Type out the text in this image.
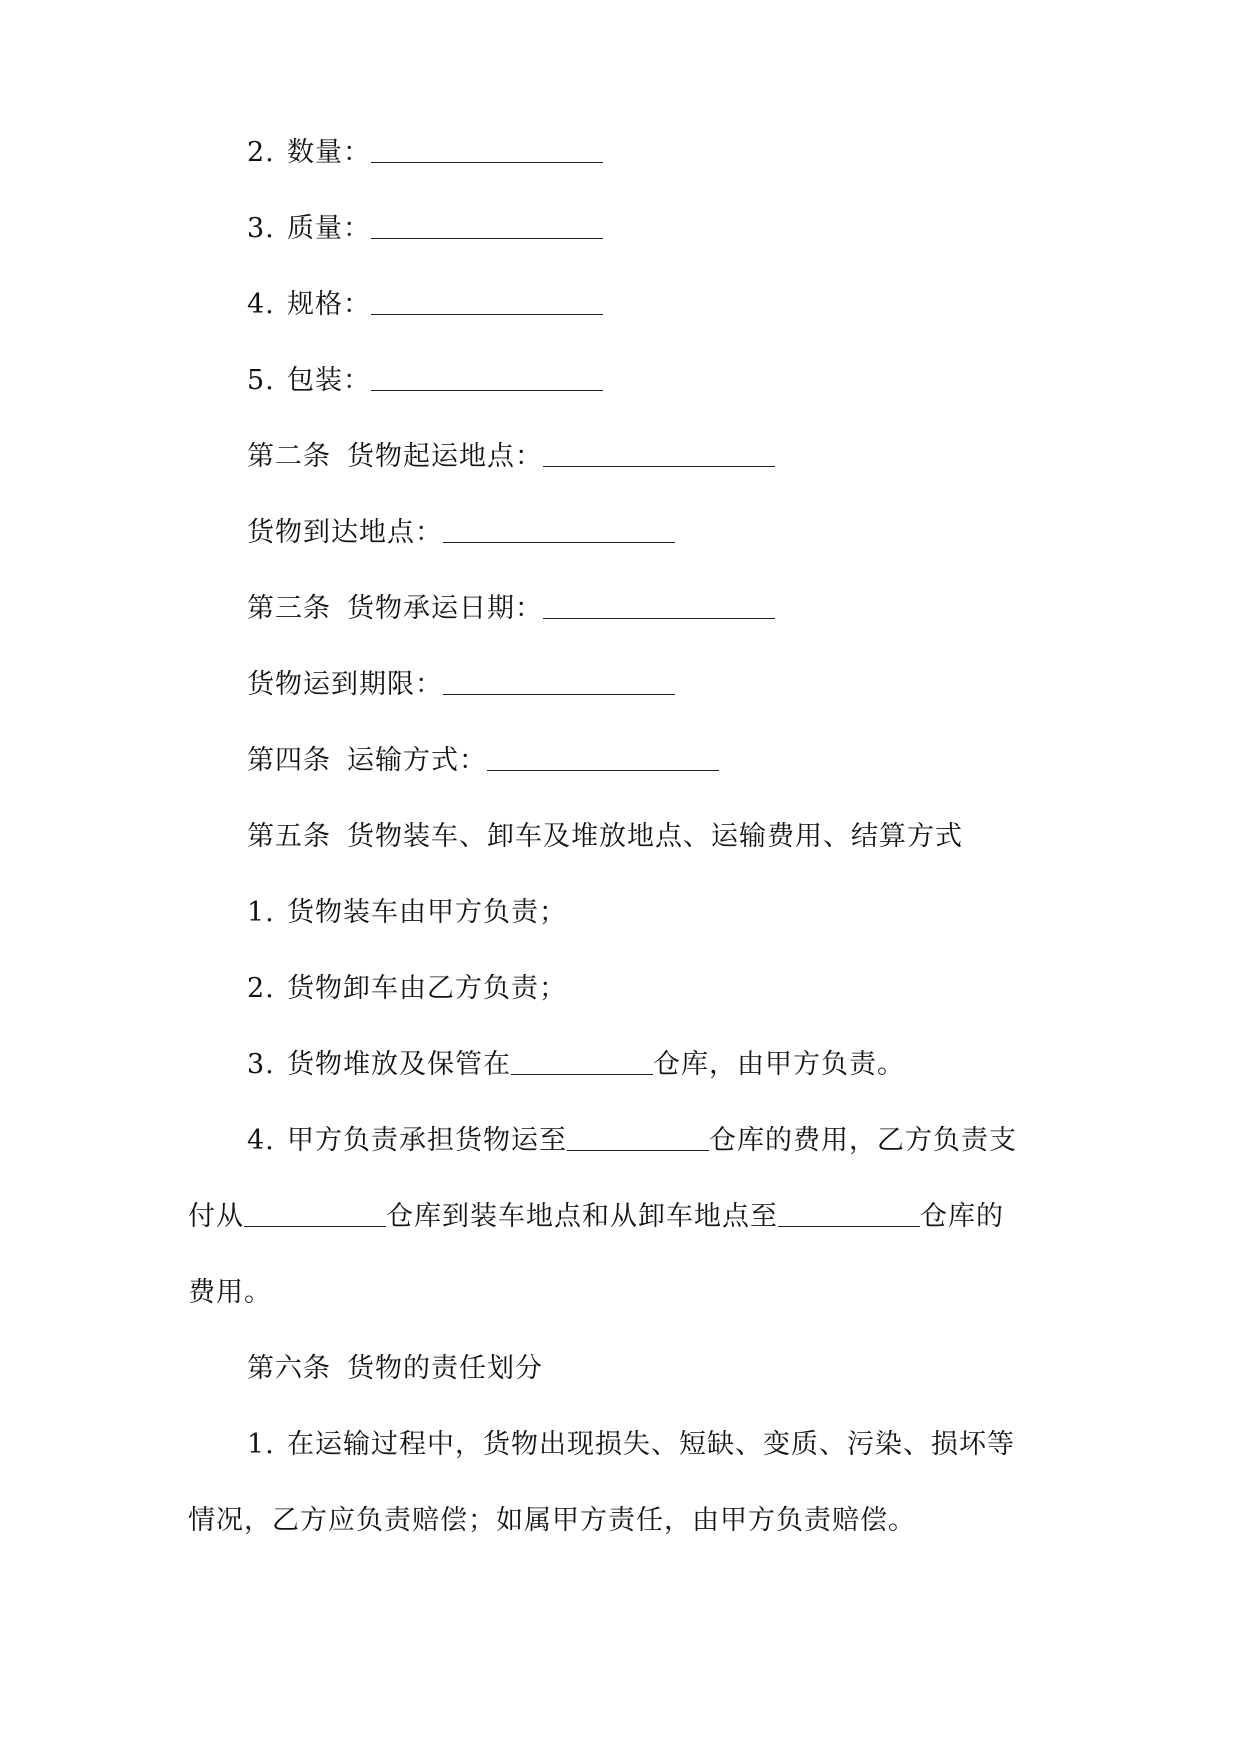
2. 数量：
3. 质量：
4. 规格：
5. 包装：
第二条 货物起运地点：
货物到达地点：
第三条 货物承运日期：
货物运到期限：
第四条 运输方式：
第五条 货物装车、卸车及堆放地点、运输费用、结算方式
1. 货物装车由甲方负责；
2. 货物卸车由乙方负责；
3. 货物堆放及保管在	仓库，由甲方负责。
4. 甲方负责承担货物运至	仓库的费用，乙方负责支
付从	仓库到装车地点和从卸车地点至	仓库的
费用。
第六条 货物的责任划分
1. 在运输过程中，货物出现损失、短缺、变质、污染、损坏等
情况，乙方应负责赔偿；如属甲方责任，由甲方负责赔偿。
